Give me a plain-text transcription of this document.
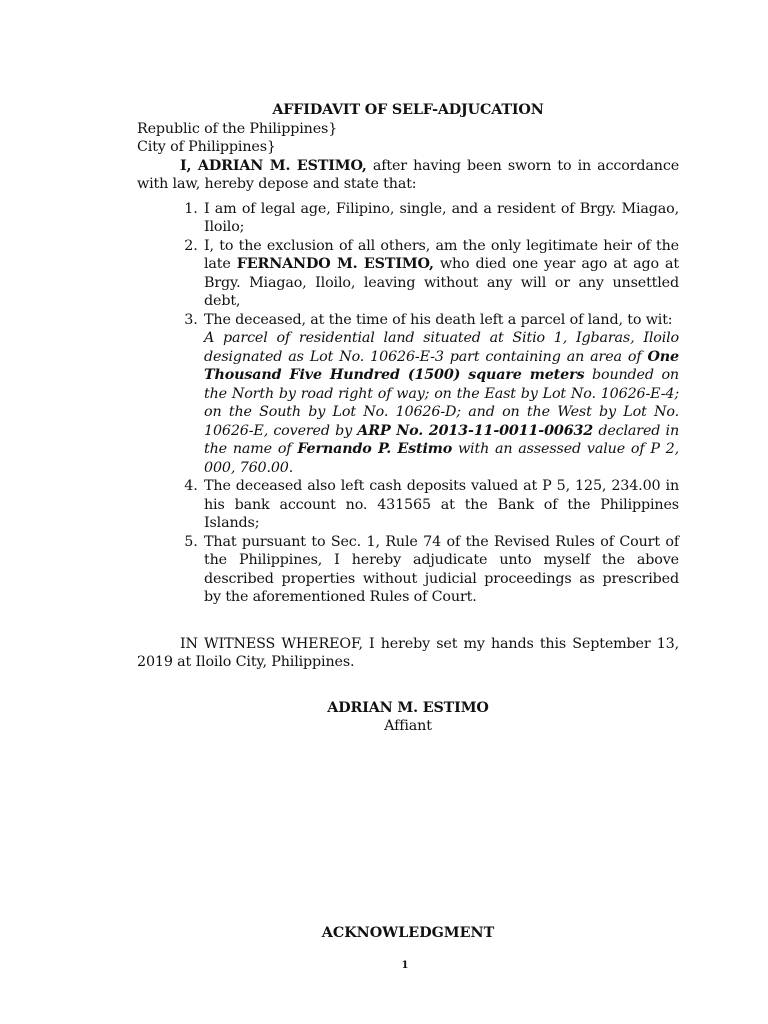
AFFIDAVIT OF SELF-ADJUCATION

Republic of the Philippines}

City of Philippines}

I, ADRIAN M. ESTIMO, after having been sworn to in accordance with law, hereby depose and state that:

1. I am of legal age, Filipino, single, and a resident of Brgy. Miagao, Iloilo;
2. I, to the exclusion of all others, am the only legitimate heir of the late FERNANDO M. ESTIMO, who died one year ago at ago at Brgy. Miagao, Iloilo, leaving without any will or any unsettled debt,
3. The deceased, at the time of his death left a parcel of land, to wit:
A parcel of residential land situated at Sitio 1, Igbaras, Iloilo designated as Lot No. 10626-E-3 part containing an area of One Thousand Five Hundred (1500) square meters bounded on the North by road right of way; on the East by Lot No. 10626-E-4; on the South by Lot No. 10626-D; and on the West by Lot No. 10626-E, covered by ARP No. 2013-11-0011-00632 declared in the name of Fernando P. Estimo with an assessed value of P 2, 000, 760.00.
4. The deceased also left cash deposits valued at P 5, 125, 234.00 in his bank account no. 431565 at the Bank of the Philippines Islands;
5. That pursuant to Sec. 1, Rule 74 of the Revised Rules of Court of the Philippines, I hereby adjudicate unto myself the above described properties without judicial proceedings as prescribed by the aforementioned Rules of Court.

IN WITNESS WHEREOF, I hereby set my hands this September 13, 2019 at Iloilo City, Philippines.

ADRIAN M. ESTIMO
Affiant
ACKNOWLEDGMENT
1
